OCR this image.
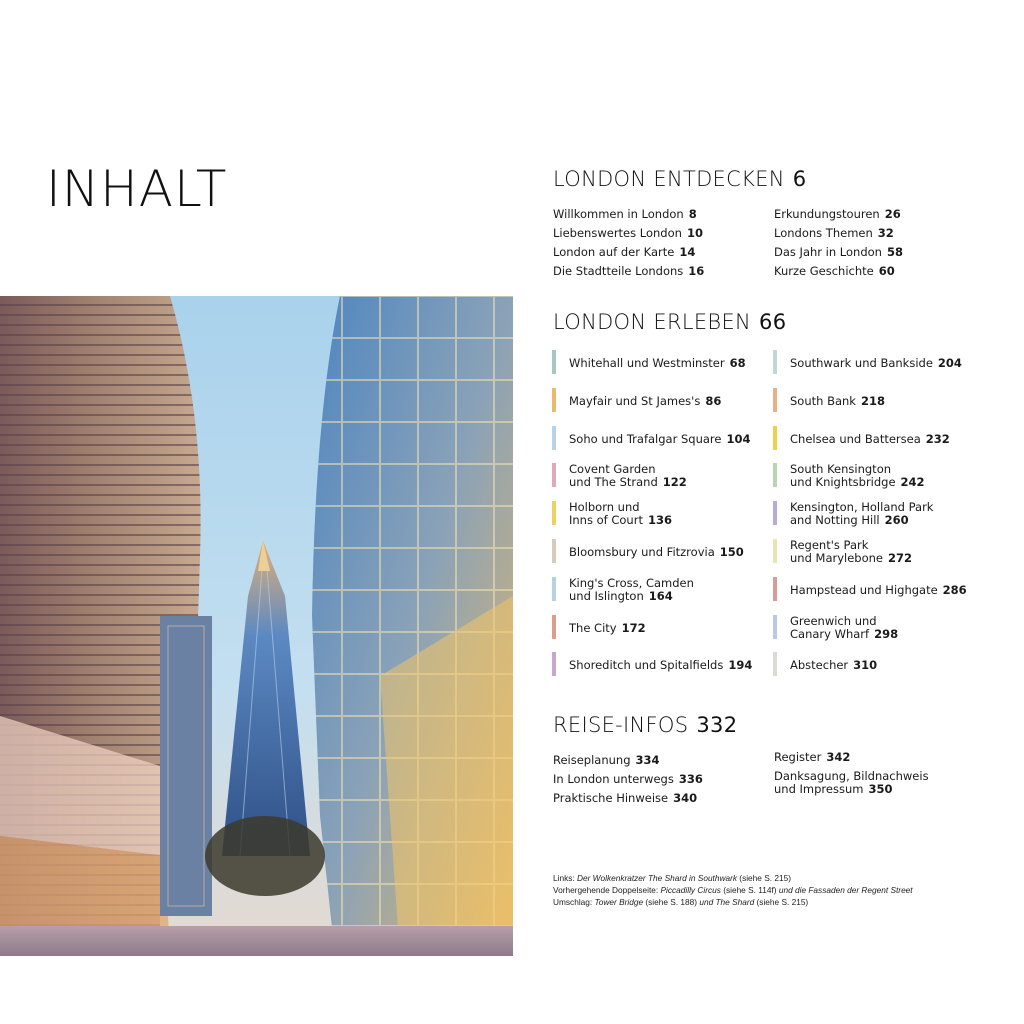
INHALT	LONDON ENTDECKEN 6
Willkommen in London 8
Liebenswertes London 10
London auf der Karte 14
Die Stadtteile Londons 16
Erkundungstouren 26
Londons Themen 32
Das Jahr in London 58
Kurze Geschichte 60
LONDON ERLEBEN 66
Whitehall und Westminster 68
Mayfair und St James's 86
Soho und Trafalgar Square 104
Covent Garden
und The Strand 122
Holborn und
Inns of Court 136
Bloomsbury und Fitzrovia 150
King's Cross, Camden
und Islington 164
The City 172
Shoreditch und Spitalfields 194
Southwark und Bankside 204
South Bank 218
Chelsea und Battersea 232
South Kensington
und Knightsbridge 242
Kensington, Holland Park
and Notting Hill 260
Regent's Park
und Marylebone 272
Hampstead und Highgate 286
Greenwich und
Canary Wharf 298
Abstecher 310
REISE-INFOS 332
Reiseplanung 334
In London unterwegs 336
Praktische Hinweise 340
Register 342
Danksagung, Bildnachweis
und Impressum 350
Links: Der Wolkenkratzer The Shard in Southwark (siehe S. 215)
Vorhergehende Doppelseite: Piccadilly Circus (siehe S. 114f) und die Fassaden der Regent Street
Umschlag: Tower Bridge (siehe S. 188) und The Shard (siehe S. 215)
